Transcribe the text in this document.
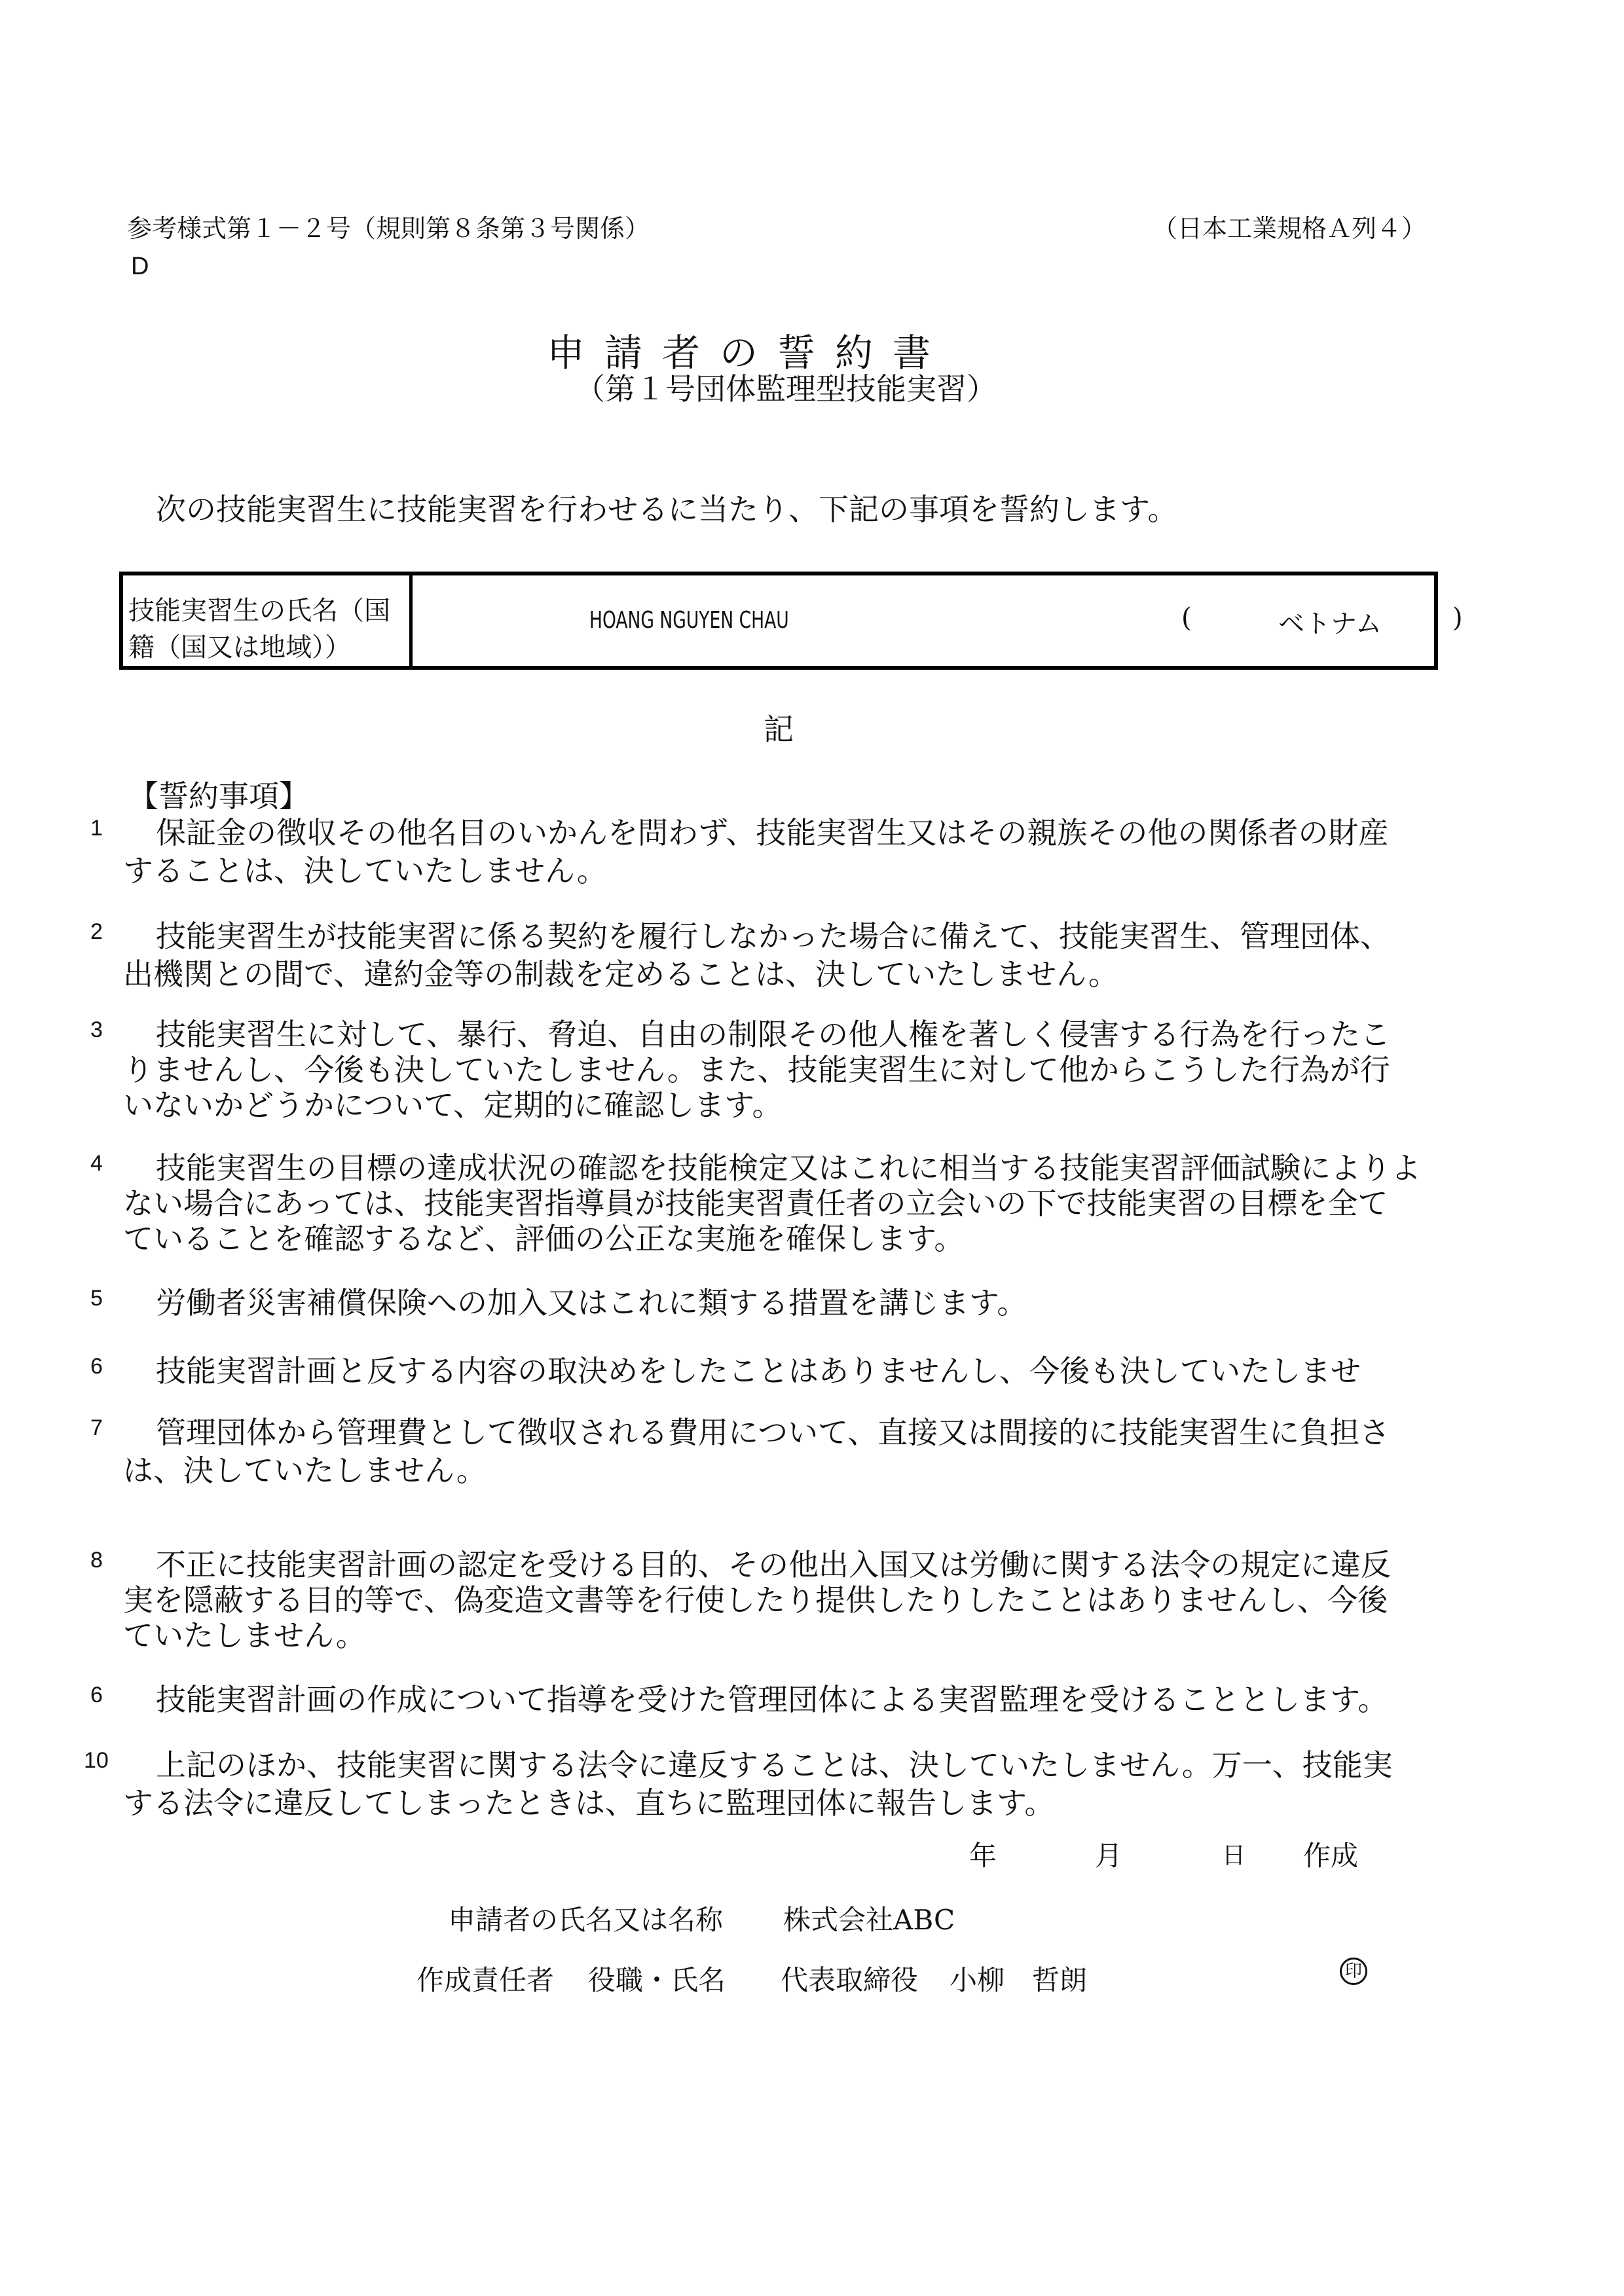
参考様式第１－２号（規則第８条第３号関係）	（日本工業規格Ａ列４）
D
申請者の誓約書
（第１号団体監理型技能実習）
次の技能実習生に技能実習を行わせるに当たり、下記の事項を誓約します。
技能実習生の氏名（国籍（国又は地域））
HOANG NGUYEN CHAU	(	ベトナム	)
記
【誓約事項】
1 保証金の徴収その他名目のいかんを問わず、技能実習生又はその親族その他の関係者の財産
することは、決していたしません。
2 技能実習生が技能実習に係る契約を履行しなかった場合に備えて、技能実習生、管理団体、
出機関との間で、違約金等の制裁を定めることは、決していたしません。
3 技能実習生に対して、暴行、脅迫、自由の制限その他人権を著しく侵害する行為を行ったこ
りませんし、今後も決していたしません。また、技能実習生に対して他からこうした行為が行
いないかどうかについて、定期的に確認します。
4 技能実習生の目標の達成状況の確認を技能検定又はこれに相当する技能実習評価試験によりよ
ない場合にあっては、技能実習指導員が技能実習責任者の立会いの下で技能実習の目標を全て
ていることを確認するなど、評価の公正な実施を確保します。
5 労働者災害補償保険への加入又はこれに類する措置を講じます。
6 技能実習計画と反する内容の取決めをしたことはありませんし、今後も決していたしませ
7 管理団体から管理費として徴収される費用について、直接又は間接的に技能実習生に負担さ
は、決していたしません。
8 不正に技能実習計画の認定を受ける目的、その他出入国又は労働に関する法令の規定に違反
実を隠蔽する目的等で、偽変造文書等を行使したり提供したりしたことはありませんし、今後
ていたしません。
6 技能実習計画の作成について指導を受けた管理団体による実習監理を受けることとします。
10 上記のほか、技能実習に関する法令に違反することは、決していたしません。万一、技能実
する法令に違反してしまったときは、直ちに監理団体に報告します。
年	月	日 作成
申請者の氏名又は名称 株式会社ABC
作成責任者 役職・氏名 代表取締役 小柳　哲朗	印
